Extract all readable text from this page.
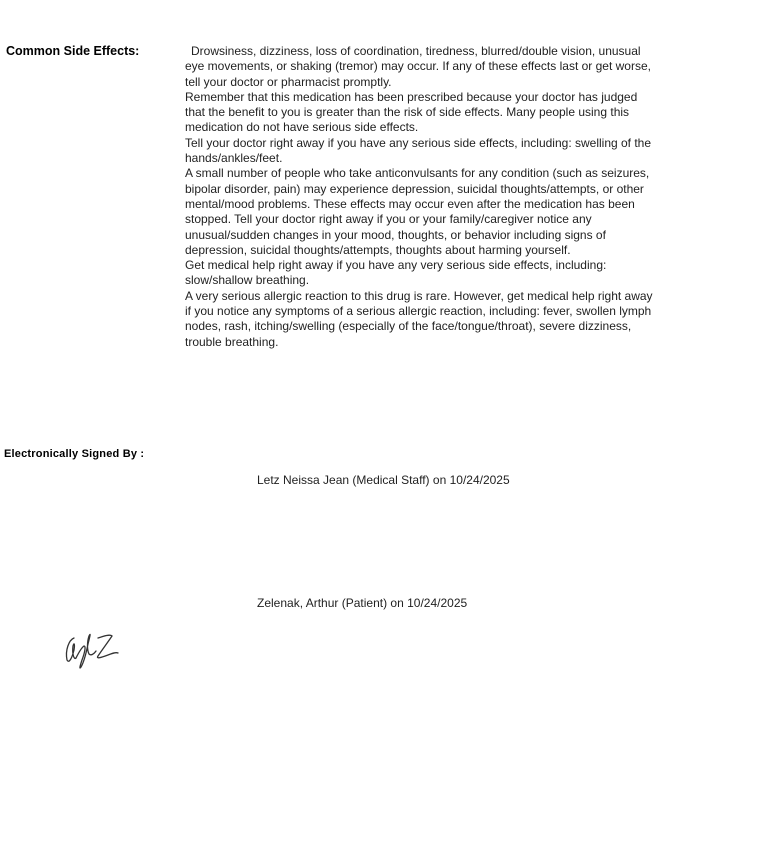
Common Side Effects:	Drowsiness, dizziness, loss of coordination, tiredness, blurred/double vision, unusual eye movements, or shaking (tremor) may occur. If any of these effects last or get worse, tell your doctor or pharmacist promptly.

Remember that this medication has been prescribed because your doctor has judged that the benefit to you is greater than the risk of side effects. Many people using this medication do not have serious side effects.

Tell your doctor right away if you have any serious side effects, including: swelling of the hands/ankles/feet.

A small number of people who take anticonvulsants for any condition (such as seizures, bipolar disorder, pain) may experience depression, suicidal thoughts/attempts, or other mental/mood problems. These effects may occur even after the medication has been stopped. Tell your doctor right away if you or your family/caregiver notice any unusual/sudden changes in your mood, thoughts, or behavior including signs of depression, suicidal thoughts/attempts, thoughts about harming yourself.

Get medical help right away if you have any very serious side effects, including: slow/shallow breathing.

A very serious allergic reaction to this drug is rare. However, get medical help right away if you notice any symptoms of a serious allergic reaction, including: fever, swollen lymph nodes, rash, itching/swelling (especially of the face/tongue/throat), severe dizziness, trouble breathing.

Electronically Signed By :
Letz Neissa Jean (Medical Staff) on 10/24/2025
Zelenak, Arthur (Patient) on 10/24/2025
